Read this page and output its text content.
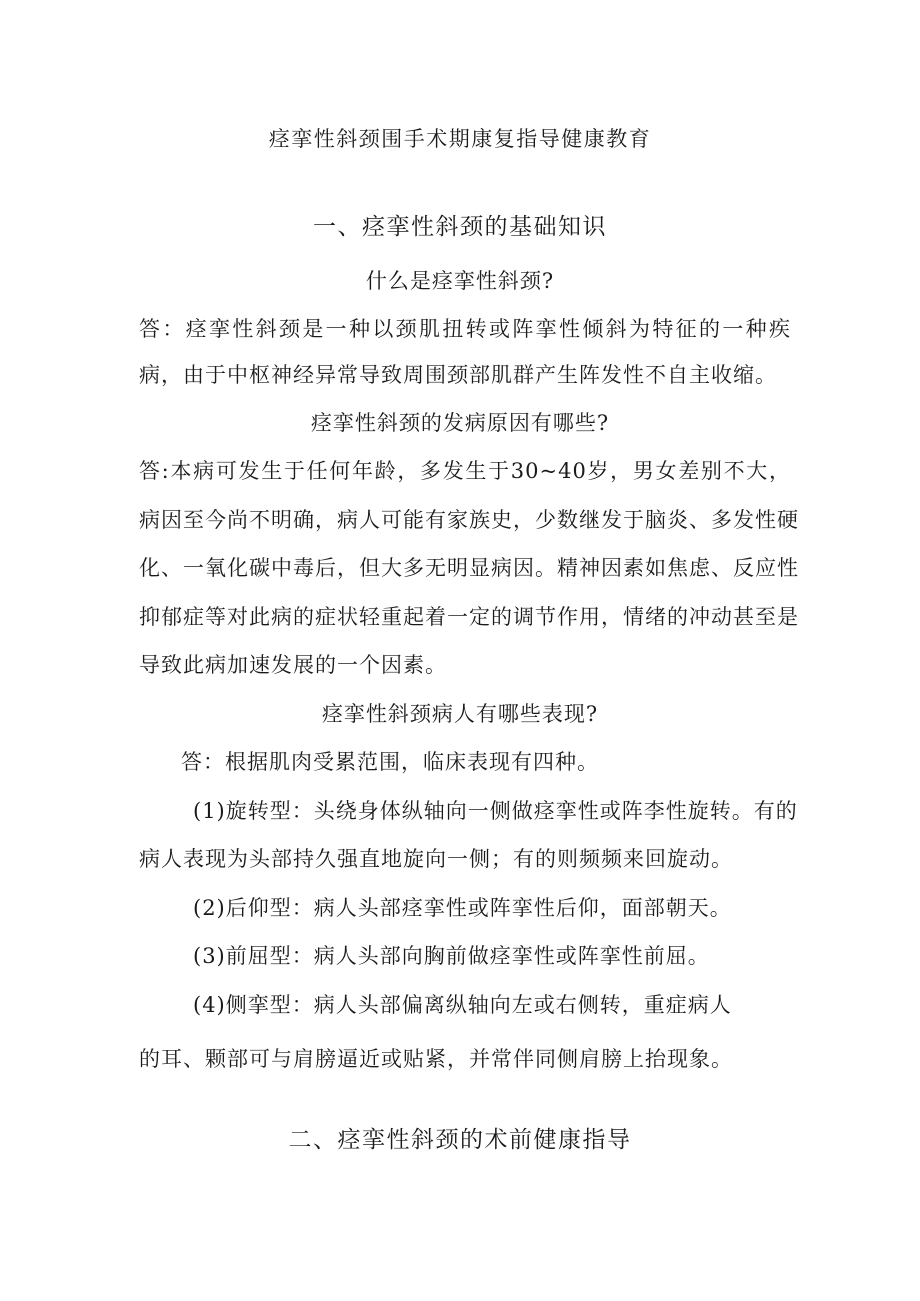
痉挛性斜颈围手术期康复指导健康教育
一、痉挛性斜颈的基础知识
什么是痉挛性斜颈?
答：痉挛性斜颈是一种以颈肌扭转或阵挛性倾斜为特征的一种疾
病，由于中枢神经异常导致周围颈部肌群产生阵发性不自主收缩。
痉挛性斜颈的发病原因有哪些?
答:本病可发生于任何年龄，多发生于30~40岁，男女差别不大，
病因至今尚不明确，病人可能有家族史，少数继发于脑炎、多发性硬
化、一氧化碳中毒后，但大多无明显病因。精神因素如焦虑、反应性
抑郁症等对此病的症状轻重起着一定的调节作用，情绪的冲动甚至是
导致此病加速发展的一个因素。
痉挛性斜颈病人有哪些表现?
答：根据肌肉受累范围，临床表现有四种。
(1)旋转型：头绕身体纵轴向一侧做痉挛性或阵李性旋转。有的
病人表现为头部持久强直地旋向一侧；有的则频频来回旋动。
(2)后仰型：病人头部痉挛性或阵挛性后仰，面部朝天。
(3)前屈型：病人头部向胸前做痉挛性或阵挛性前屈。
(4)侧挛型：病人头部偏离纵轴向左或右侧转，重症病人
的耳、颗部可与肩膀逼近或贴紧，并常伴同侧肩膀上抬现象。
二、痉挛性斜颈的术前健康指导
